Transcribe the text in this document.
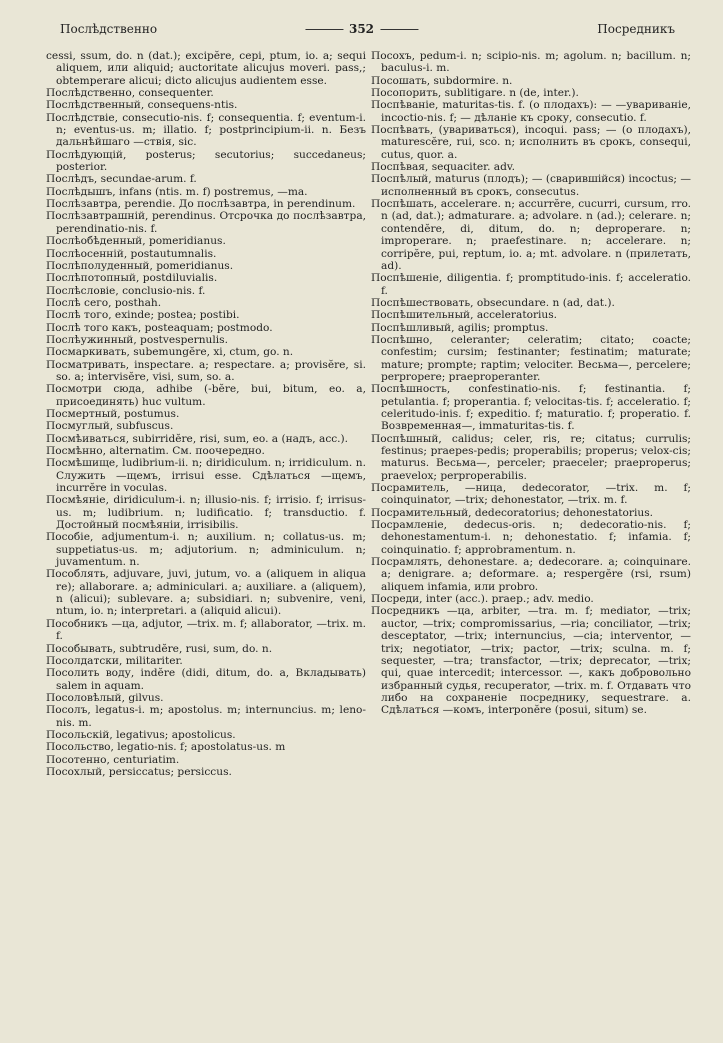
Послѣдственно	352	Посредникъ

cessi, ssum, do. n (dat.); excipĕre, cepi, ptum, io. a; sequi aliquem, или aliquid; auctoritate alicujus moveri. pass,; obtemperare alicui; dicto alicujus audientem esse.

Послѣдственно, consequenter.

Послѣдственный, consequens-ntis.

Послѣдствіе, consecutio-nis. f; consequentia. f; eventum-i. n; eventus-us. m; illatio. f; postprincipium-ii. n. Безъ дальнѣйшаго —ствія, sic.

Послѣдующій, posterus; secutorius; succedaneus; posterior.

Послѣдъ, secundae-arum. f.

Послѣдышъ, infans (ntis. m. f) postremus, —ma.

Послѣзавтра, perendie. До послѣзавтра, in perendinum.

Послѣзавтрашній, perendinus. Отсрочка до послѣзавтра, perendinatio-nis. f.

Послѣобѣденный, pomeridianus.

Послѣосенній, postautumnalis.

Послѣполуденный, pomeridianus.

Послѣпотопный, postdiluvialis.

Послѣсловіе, conclusio-nis. f.

Послѣ сего, posthah.

Послѣ того, exinde; postea; postibi.

Послѣ того какъ, posteaquam; postmodo.

Послѣужинный, postvespernulis.

Посмаркивать, subemungĕre, xi, ctum, go. n.

Посматривать, inspectare. a; respectare. a; provisĕre, si. so. a; intervisĕre, visi, sum, so. a.

Посмотри сюда, adhibe (-bĕre, bui, bitum, eo. a, присоединять) huc vultum.

Посмертный, postumus.

Посмуглый, subfuscus.

Посмѣиваться, subirridĕre, risi, sum, eo. a (надъ, acc.).

Посмѣнно, alternatim. См. поочередно.

Посмѣшище, ludibrium-ii. n; diridiculum. n; irridiculum. n. Служить —щемъ, irrisui esse. Сдѣлаться —щемъ, incurrĕre in voculas.

Посмѣяніе, diridiculum-i. n; illusio-nis. f; irrisio. f; irrisus-us. m; ludibrium. n; ludificatio. f; transductio. f. Достойный посмѣяніи, irrisibilis.

Пособіе, adjumentum-i. n; auxilium. n; collatus-us. m; suppetiatus-us. m; adjutorium. n; adminiculum. n; juvamentum. n.

Пособлять, adjuvare, juvi, jutum, vo. a (aliquem in aliqua re); allaborare. a; adminiculari. a; auxiliare. a (aliquem), n (alicui); sublevare. a; subsidiari. n; subvenire, veni, ntum, io. n; interpretari. a (aliquid alicui).

Пособникъ —ца, adjutor, —trix. m. f; allaborator, —trix. m. f.

Пособывать, subtrudĕre, rusi, sum, do. n.

Посолдатски, militariter.

Посолить воду, indĕre (didi, ditum, do. a, Вкладывать) salem in aquam.

Посоловѣлый, gilvus.

Посолъ, legatus-i. m; apostolus. m; internuncius. m; lenо-nis. m.

Посольскій, legativus; apostolicus.

Посольство, legatio-nis. f; apostolatus-us. m

Посотенно, centuriatim.

Посохлый, persiccatus; persiccus.

Посохъ, pedum-i. n; scipio-nis. m; agolum. n; bacillum. n; baculus-i. m.

Посошать, subdormire. n.

Посопорить, sublitigare. n (de, inter.).

Поспѣваніе, maturitas-tis. f. (о плодахъ): — —увариваніе, incoctio-nis. f; — дѣланіе къ сроку, consecutio. f.

Поспѣвать, (увариваться), incoqui. pass; — (о плодахъ), maturescĕre, rui, sco. n; исполнить въ срокъ, consequi, cutus, quor. a.

Поспѣвая, sequaciter. adv.

Поспѣлый, maturus (плодъ); — (сварившійся) incoctus; —исполненный въ срокъ, consecutus.

Поспѣшать, accelerare. n; accurrĕre, cucurri, cursum, rro. n (ad, dat.); admaturare. a; advolare. n (ad.); celerare. n; contendĕre, di, ditum, do. n; deproperare. n; improperare. n; praefestinare. n; accelerare. n; corripĕre, pui, reptum, io. a; mt. advolare. n (прилетать, ad).

Поспѣшеніе, diligentia. f; promptitudo-inis. f; acceleratio. f.

Поспѣшествовать, obsecundare. n (ad, dat.).

Поспѣшительный, acceleratorius.

Поспѣшливый, agilis; promptus.

Поспѣшно, celeranter; celeratim; citatо; coacte; confestim; cursim; festinanter; festinatim; maturate; mature; prompte; raptim; velociter. Весьма—, percelere; perproperе; praeproperanter.

Поспѣшность, confestinatio-nis. f; festinantia. f; petulantia. f; properantia. f; velocitas-tis. f; acceleratio. f; celeritudo-inis. f; expeditio. f; maturatio. f; properatio. f. Возвременная—, immaturitas-tis. f.

Поспѣшный, calidus; celer, ris, re; citatus; currulis; festinus; praepes-pedis; properabilis; properus; velox-cis; maturus. Весьма—, perceler; praeceler; praeproperus; praevelox; perproperabilis.

Посрамитель, —ница, dedecorator, —trix. m. f; coinquinator, —trix; dehonestator, —trix. m. f.

Посрамительный, dedecoratorius; dehonestatorius.

Посрамленіе, dedecus-oris. n; dedecoratio-nis. f; dehonestamentum-i. n; dehonestatio. f; infamia. f; coinquinatio. f; approbramentum. n.

Посрамлять, dehonestare. a; dedecorare. a; coinquinare. a; denigrare. a; deformare. a; respergĕre (rsi, rsum) aliquem infamia, или probro.

Посреди, inter (acc.). praep.; adv. medio.

Посредникъ —ца, arbiter, —tra. m. f; mediator, —trix; auctor, —trix; compromissarius, —ria; conciliator, —trix; desceptator, —trix; internuncius, —cia; interventor, —trix; negotiator, —trix; pactor, —trix; sculna. m. f; sequester, —tra; transfactor, —trix; deprecator, —trix; qui, quae intercedit; intercessor. —, какъ добровольно избранный судья, recuperator, —trix. m. f. Отдавать что либо на сохраненіе посреднику, sequestrare. a. Сдѣлаться —комъ, interponĕre (posui, situm) se.
